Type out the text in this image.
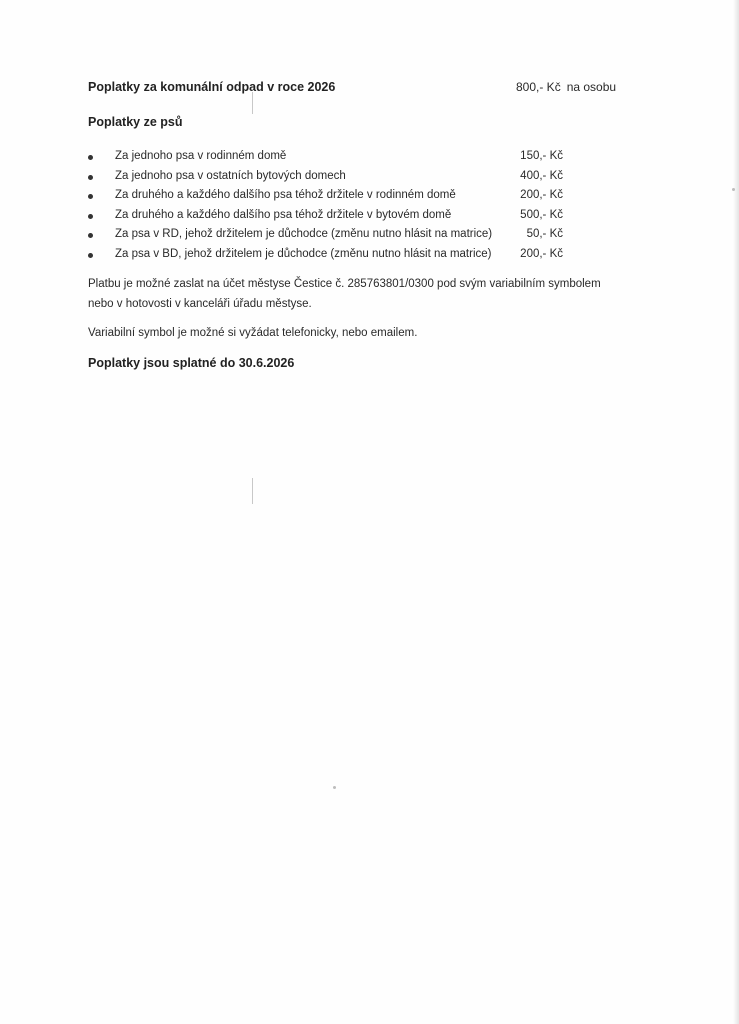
Poplatky za komunální odpad v roce 2026	800,- Kč na osobu
Poplatky ze psů
Za jednoho psa v rodinném domě	150,- Kč
Za jednoho psa v ostatních bytových domech	400,- Kč
Za druhého a každého dalšího psa téhož držitele v rodinném domě	200,- Kč
Za druhého a každého dalšího psa téhož držitele v bytovém domě	500,- Kč
Za psa v RD, jehož držitelem je důchodce (změnu nutno hlásit na matrice)	50,- Kč
Za psa v BD, jehož držitelem je důchodce (změnu nutno hlásit na matrice) 200,- Kč

Platbu je možné zaslat na účet městyse Čestice č. 285763801/0300 pod svým variabilním symbolem
nebo v hotovosti v kanceláři úřadu městyse.

Variabilní symbol je možné si vyžádat telefonicky, nebo emailem.

Poplatky jsou splatné do 30.6.2026
